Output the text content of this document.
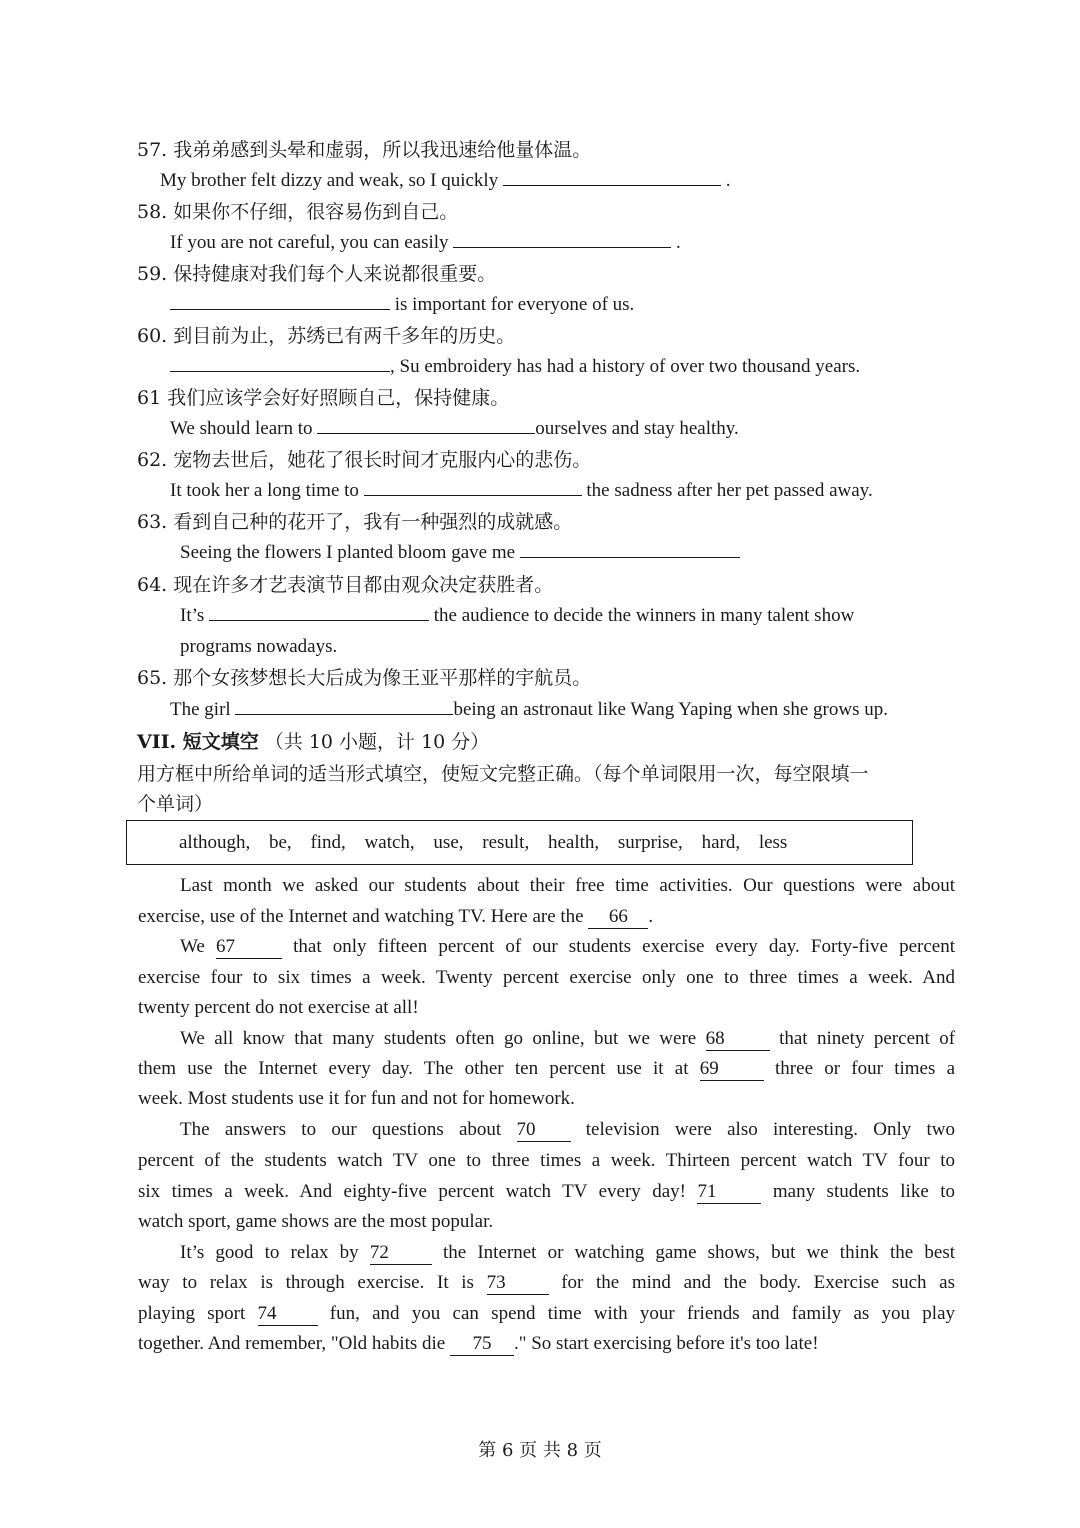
57. 我弟弟感到头晕和虚弱，所以我迅速给他量体温。
My brother felt dizzy and weak, so I quickly	.
58. 如果你不仔细，很容易伤到自己。
If you are not careful, you can easily	.
59. 保持健康对我们每个人来说都很重要。
is important for everyone of us.
60. 到目前为止，苏绣已有两千多年的历史。
, Su embroidery has had a history of over two thousand years.
61 我们应该学会好好照顾自己，保持健康。
We should learn to	ourselves and stay healthy.
62. 宠物去世后，她花了很长时间才克服内心的悲伤。
It took her a long time to	the sadness after her pet passed away.
63. 看到自己种的花开了，我有一种强烈的成就感。
Seeing the flowers I planted bloom gave me
64. 现在许多才艺表演节目都由观众决定获胜者。
It’s	the audience to decide the winners in many talent show
programs nowadays.
65. 那个女孩梦想长大后成为像王亚平那样的宇航员。
The girl	being an astronaut like Wang Yaping when she grows up.
VII. 短文填空 （共 10 小题，计 10 分）
用方框中所给单词的适当形式填空，使短文完整正确。（每个单词限用一次，每空限填一
个单词）
although, be, find, watch, use, result, health, surprise, hard, less
Last month we asked our students about their free time activities. Our questions were about
exercise, use of the Internet and watching TV. Here are the 66 .
We 67	that only fifteen percent of our students exercise every day. Forty-five percent
exercise four to six times a week. Twenty percent exercise only one to three times a week. And
twenty percent do not exercise at all!
We all know that many students often go online, but we were 68	that ninety percent of
them use the Internet every day. The other ten percent use it at 69	three or four times a
week. Most students use it for fun and not for homework.
The answers to our questions about 70	television were also interesting. Only two
percent of the students watch TV one to three times a week. Thirteen percent watch TV four to
six times a week. And eighty-five percent watch TV every day! 71	many students like to
watch sport, game shows are the most popular.
It’s good to relax by 72	the Internet or watching game shows, but we think the best
way to relax is through exercise. It is 73	for the mind and the body. Exercise such as
playing sport 74	fun, and you can spend time with your friends and family as you play
together. And remember, "Old habits die 75 ." So start exercising before it's too late!
第 6 页 共 8 页
